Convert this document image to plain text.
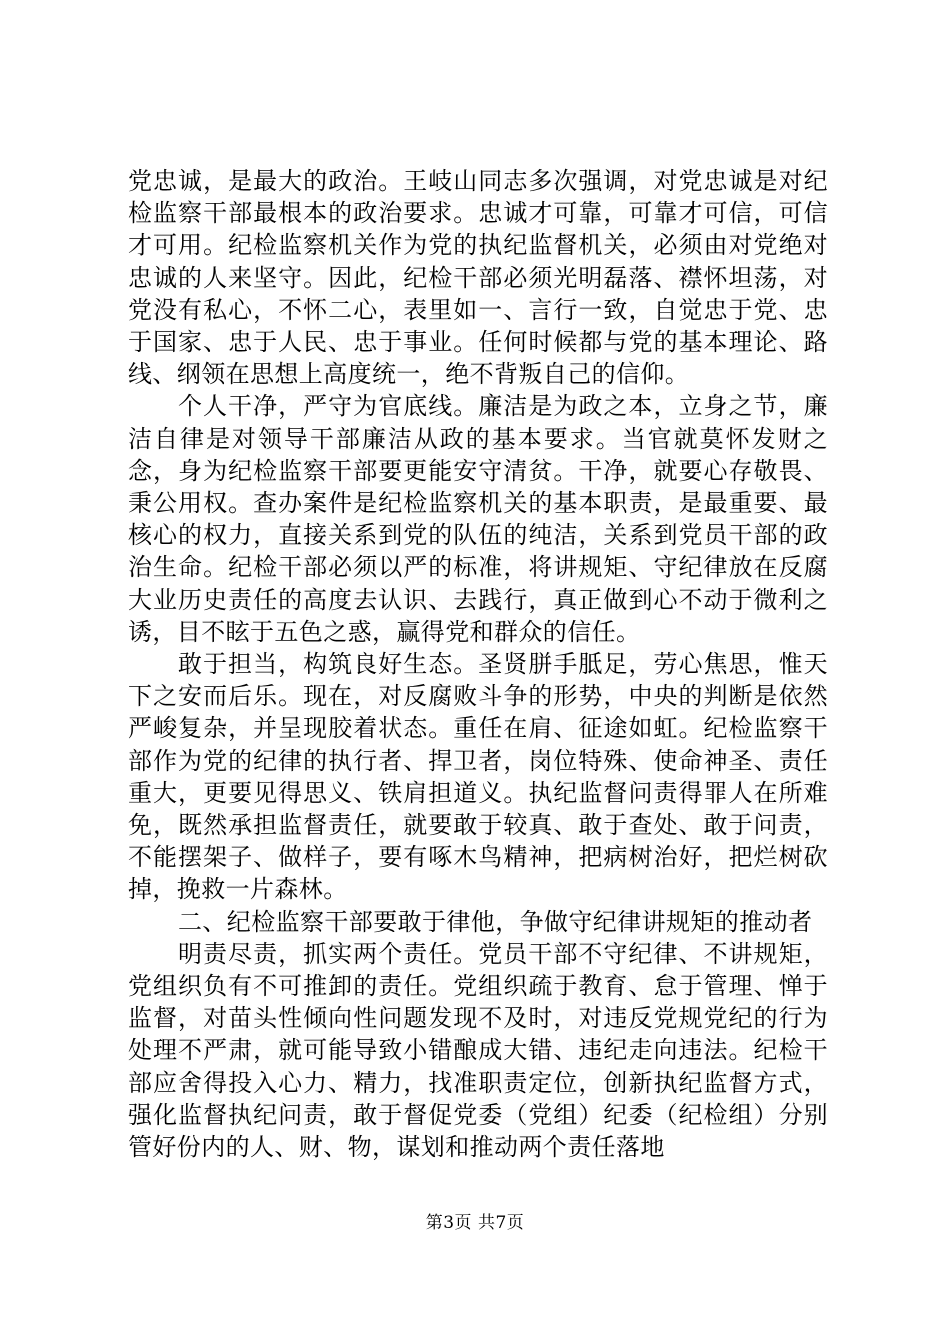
党忠诚，是最大的政治。王岐山同志多次强调，对党忠诚是对纪检监察干部最根本的政治要求。忠诚才可靠，可靠才可信，可信才可用。纪检监察机关作为党的执纪监督机关，必须由对党绝对忠诚的人来坚守。因此，纪检干部必须光明磊落、襟怀坦荡，对党没有私心，不怀二心，表里如一、言行一致，自觉忠于党、忠于国家、忠于人民、忠于事业。任何时候都与党的基本理论、路线、纲领在思想上高度统一，绝不背叛自己的信仰。

个人干净，严守为官底线。廉洁是为政之本，立身之节，廉洁自律是对领导干部廉洁从政的基本要求。当官就莫怀发财之念，身为纪检监察干部要更能安守清贫。干净，就要心存敬畏、秉公用权。查办案件是纪检监察机关的基本职责，是最重要、最核心的权力，直接关系到党的队伍的纯洁，关系到党员干部的政治生命。纪检干部必须以严的标准，将讲规矩、守纪律放在反腐大业历史责任的高度去认识、去践行，真正做到心不动于微利之诱，目不眩于五色之惑，赢得党和群众的信任。

敢于担当，构筑良好生态。圣贤胼手胝足，劳心焦思，惟天下之安而后乐。现在，对反腐败斗争的形势，中央的判断是依然严峻复杂，并呈现胶着状态。重任在肩、征途如虹。纪检监察干部作为党的纪律的执行者、捍卫者，岗位特殊、使命神圣、责任重大，更要见得思义、铁肩担道义。执纪监督问责得罪人在所难免，既然承担监督责任，就要敢于较真、敢于查处、敢于问责，不能摆架子、做样子，要有啄木鸟精神，把病树治好，把烂树砍掉，挽救一片森林。

二、纪检监察干部要敢于律他，争做守纪律讲规矩的推动者

明责尽责，抓实两个责任。党员干部不守纪律、不讲规矩，党组织负有不可推卸的责任。党组织疏于教育、怠于管理、惮于监督，对苗头性倾向性问题发现不及时，对违反党规党纪的行为处理不严肃，就可能导致小错酿成大错、违纪走向违法。纪检干部应舍得投入心力、精力，找准职责定位，创新执纪监督方式，强化监督执纪问责，敢于督促党委（党组）纪委（纪检组）分别管好份内的人、财、物，谋划和推动两个责任落地

第3页 共7页
